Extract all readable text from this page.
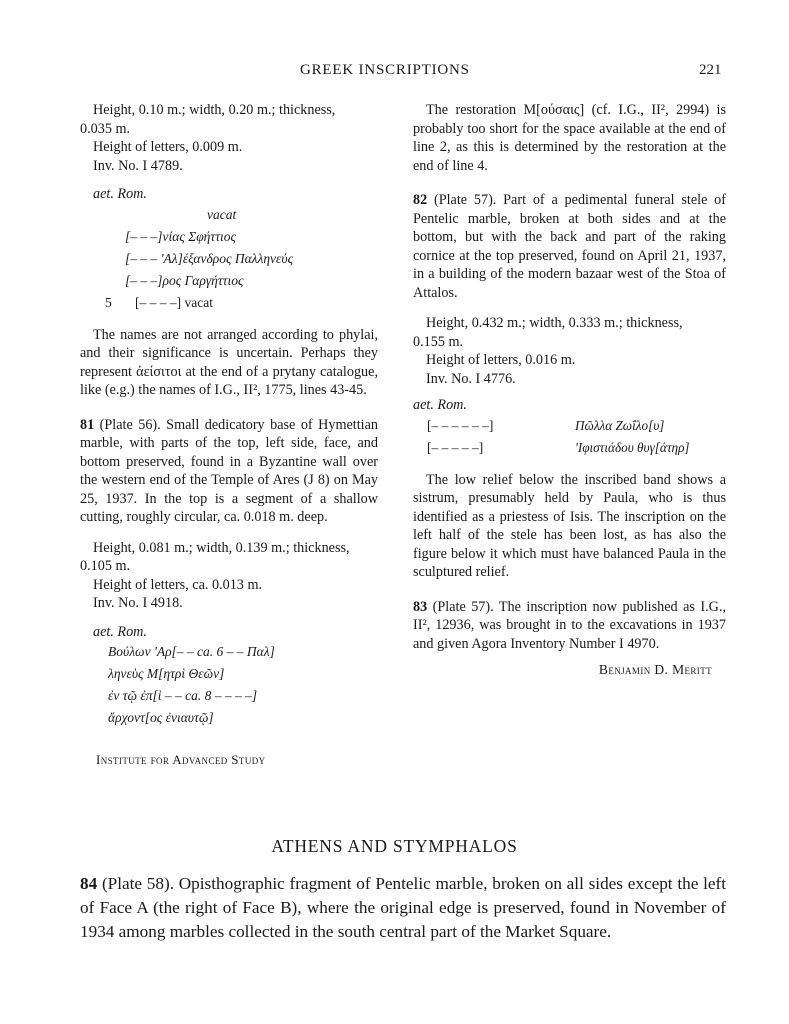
GREEK INSCRIPTIONS	221
Height, 0.10 m.; width, 0.20 m.; thickness,
0.035 m.
Height of letters, 0.009 m.
Inv. No. I 4789.
aet. Rom.
vacat
[– – –]νίας Σφήττιος
[– – – 'Αλ]έξανδρος Παλληνεύς
[– – –]ρος Γαργήττιος
5 [– – – –] vacat

The names are not arranged according to phylai, and their significance is uncertain. Perhaps they represent ἀείσιτοι at the end of a prytany catalogue, like (e.g.) the names of I.G., II², 1775, lines 43-45.

81 (Plate 56). Small dedicatory base of Hymettian marble, with parts of the top, left side, face, and bottom preserved, found in a Byzantine wall over the western end of the Temple of Ares (J 8) on May 25, 1937. In the top is a segment of a shallow cutting, roughly circular, ca. 0.018 m. deep.

Height, 0.081 m.; width, 0.139 m.; thickness,
0.105 m.
Height of letters, ca. 0.013 m.
Inv. No. I 4918.
aet. Rom.
Βούλων 'Αρ[– – ca. 6 – – Παλ]
ληνεὺς Μ[ητρὶ Θεῶν]
ἐν τῷ ἐπ[ὶ – – ca. 8 – – – –]
ἄρχοντ[ος ἐνιαυτῷ]
Institute for Advanced Study

The restoration Μ[ούσαις] (cf. I.G., II², 2994) is probably too short for the space available at the end of line 2, as this is determined by the restoration at the end of line 4.

82 (Plate 57). Part of a pedimental funeral stele of Pentelic marble, broken at both sides and at the bottom, but with the back and part of the raking cornice at the top preserved, found on April 21, 1937, in a building of the modern bazaar west of the Stoa of Attalos.

Height, 0.432 m.; width, 0.333 m.; thickness,
0.155 m.
Height of letters, 0.016 m.
Inv. No. I 4776.
aet. Rom.
[– – – – – –]	Πῶλλα Ζωΐλο[υ]
[– – – – –]	'Ιφιστιάδου θυγ[άτηρ]

The low relief below the inscribed band shows a sistrum, presumably held by Paula, who is thus identified as a priestess of Isis. The inscription on the left half of the stele has been lost, as has also the figure below it which must have balanced Paula in the sculptured relief.

83 (Plate 57). The inscription now published as I.G., II², 12936, was brought in to the excavations in 1937 and given Agora Inventory Number I 4970.

Benjamin D. Meritt
ATHENS AND STYMPHALOS
84 (Plate 58). Opisthographic fragment of Pentelic marble, broken on all sides except the left of Face A (the right of Face B), where the original edge is preserved, found in November of 1934 among marbles collected in the south central part of the Market Square.
